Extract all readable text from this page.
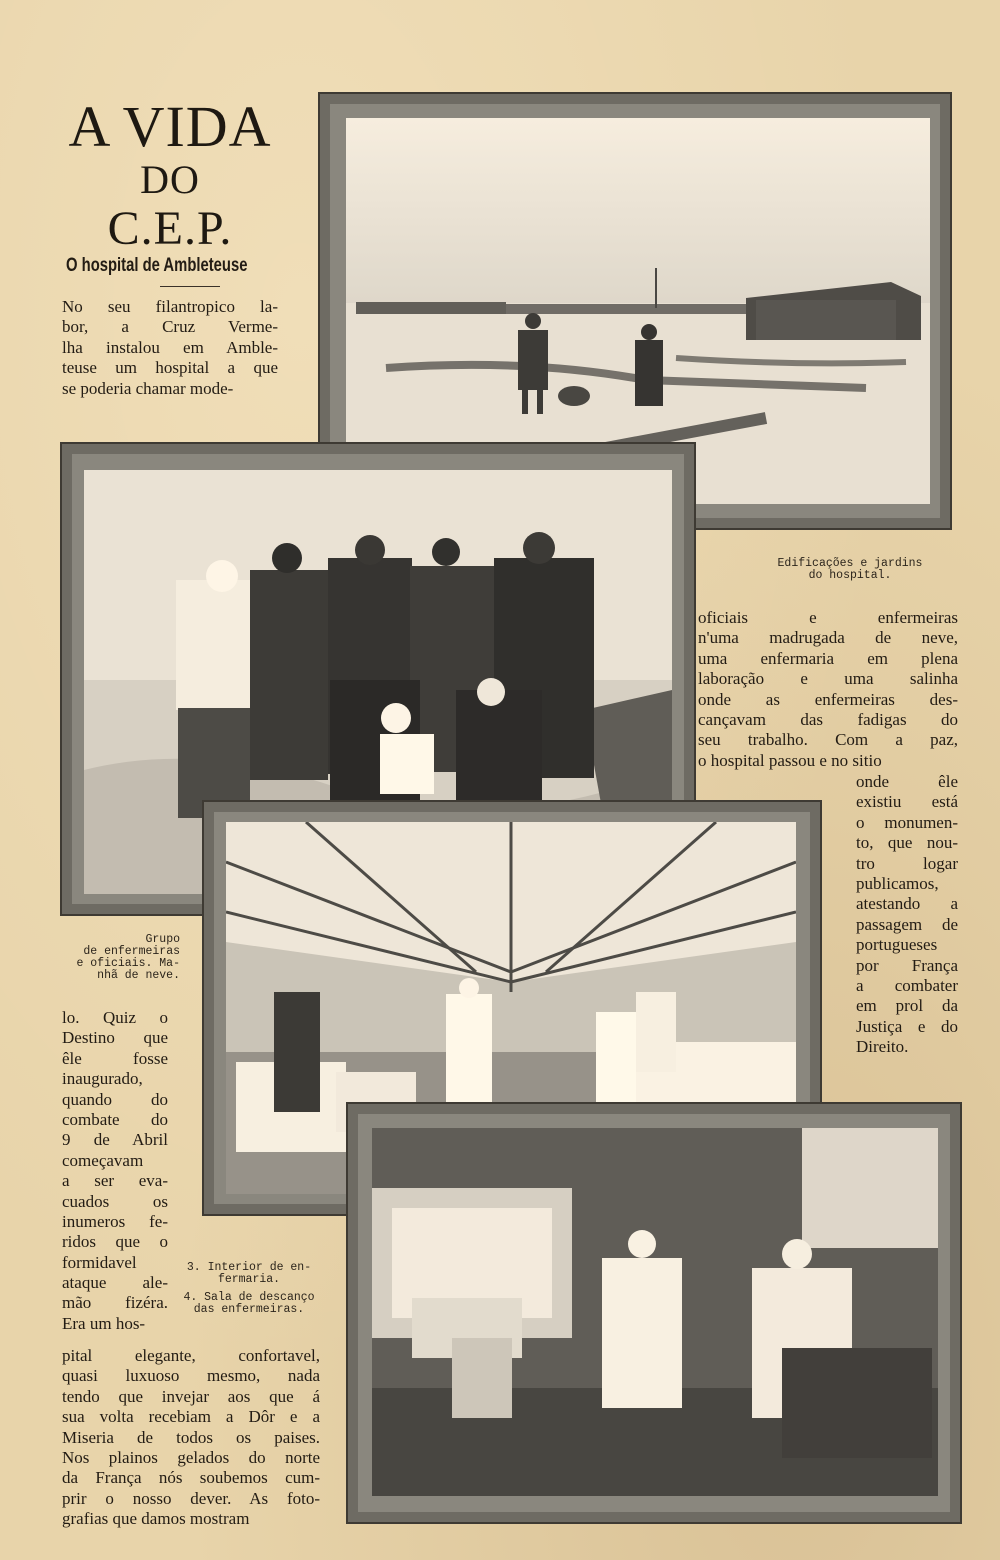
A VIDA
DO
C.E.P.
O hospital de Ambleteuse
No seu filantropico la-
bor, a Cruz Verme-
lha instalou em Amble-
teuse um hospital a que
se poderia chamar mode-
Edificações e jardins
do hospital.
Grupo
de enfermeiras
e oficiais. Ma-
nhã de neve.
oficiais e enfermeiras
n'uma madrugada de neve,
uma enfermaria em plena
laboração e uma salinha
onde as enfermeiras des-
cançavam das fadigas do
seu trabalho. Com a paz,
o hospital passou e no sitio
onde êle
existiu está
o monumen-
to, que nou-
tro logar
publicamos,
atestando a
passagem de
portugueses
por França
a combater
em prol da
Justiça e do
Direito.
lo. Quiz o
Destino que
êle fosse
inaugurado,
quando do
combate do
9 de Abril
começavam
a ser eva-
cuados os
inumeros fe-
ridos que o
formidavel
ataque ale-
mão fizéra.
Era um hos-
3. Interior de en-
fermaria.
4. Sala de descanço
das enfermeiras.
pital elegante, confortavel,
quasi luxuoso mesmo, nada
tendo que invejar aos que á
sua volta recebiam a Dôr e a
Miseria de todos os paises.
Nos plainos gelados do norte
da França nós soubemos cum-
prir o nosso dever. As foto-
grafias que damos mostram
